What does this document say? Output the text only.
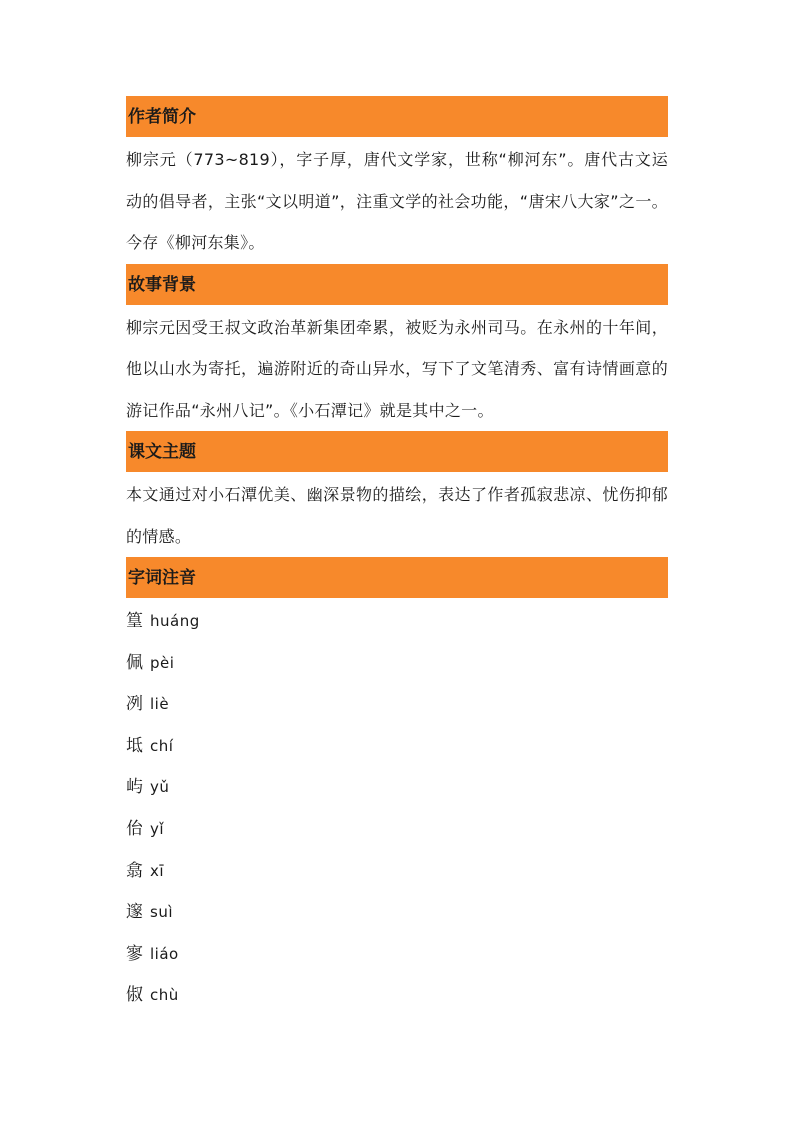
作者简介

柳宗元（773~819），字子厚，唐代文学家，世称“柳河东”。唐代古文运动的倡导者，主张“文以明道”，注重文学的社会功能，“唐宋八大家”之一。今存《柳河东集》。

故事背景

柳宗元因受王叔文政治革新集团牵累，被贬为永州司马。在永州的十年间，他以山水为寄托，遍游附近的奇山异水，写下了文笔清秀、富有诗情画意的游记作品“永州八记”。《小石潭记》就是其中之一。

课文主题

本文通过对小石潭优美、幽深景物的描绘，表达了作者孤寂悲凉、忧伤抑郁的情感。

字词注音
篁 huáng
佩 pèi
冽 liè
坻 chí
屿 yǔ
佁 yǐ
翕 xī
邃 suì
寥 liáo
俶 chù
